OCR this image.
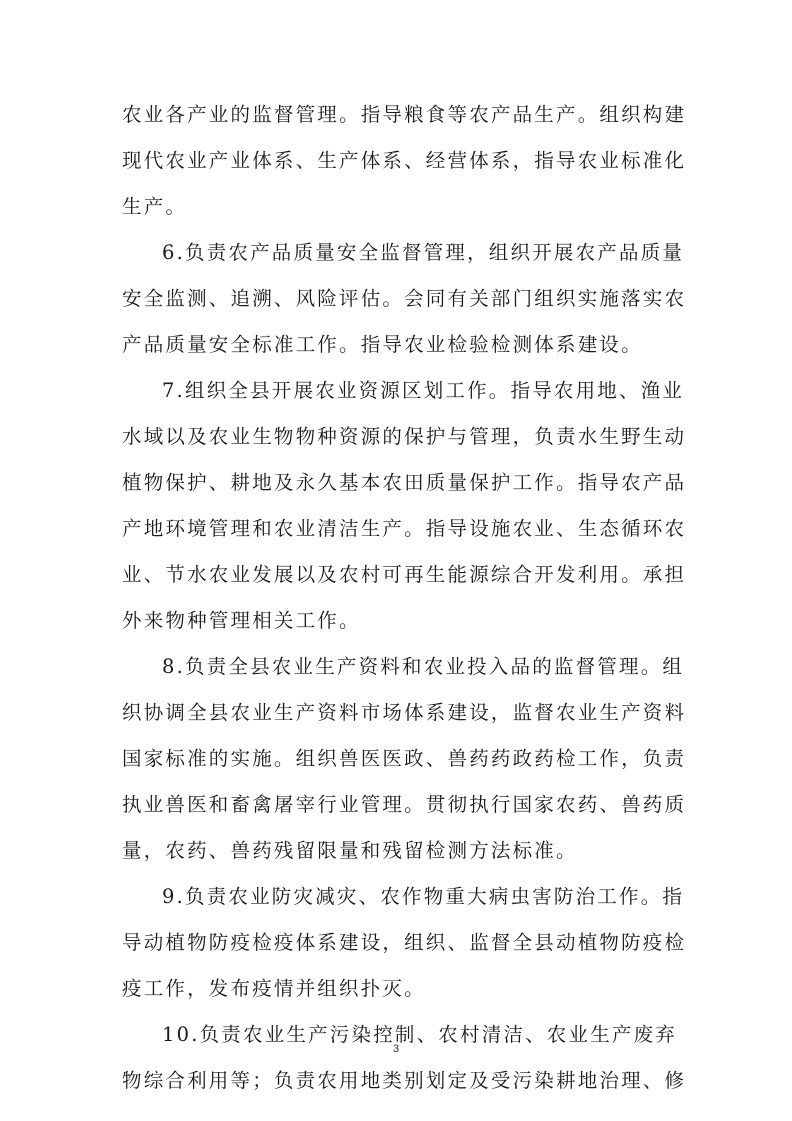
农业各产业的监督管理。指导粮食等农产品生产。组织构建
现代农业产业体系、生产体系、经营体系，指导农业标准化
生产。

6.负责农产品质量安全监督管理，组织开展农产品质量
安全监测、追溯、风险评估。会同有关部门组织实施落实农
产品质量安全标准工作。指导农业检验检测体系建设。

7.组织全县开展农业资源区划工作。指导农用地、渔业
水域以及农业生物物种资源的保护与管理，负责水生野生动
植物保护、耕地及永久基本农田质量保护工作。指导农产品
产地环境管理和农业清洁生产。指导设施农业、生态循环农
业、节水农业发展以及农村可再生能源综合开发利用。承担
外来物种管理相关工作。

8.负责全县农业生产资料和农业投入品的监督管理。组
织协调全县农业生产资料市场体系建设，监督农业生产资料
国家标准的实施。组织兽医医政、兽药药政药检工作，负责
执业兽医和畜禽屠宰行业管理。贯彻执行国家农药、兽药质
量，农药、兽药残留限量和残留检测方法标准。

9.负责农业防灾减灾、农作物重大病虫害防治工作。指
导动植物防疫检疫体系建设，组织、监督全县动植物防疫检
疫工作，发布疫情并组织扑灭。

10.负责农业生产污染控制、农村清洁、农业生产废弃
物综合利用等；负责农用地类别划定及受污染耕地治理、修

3
